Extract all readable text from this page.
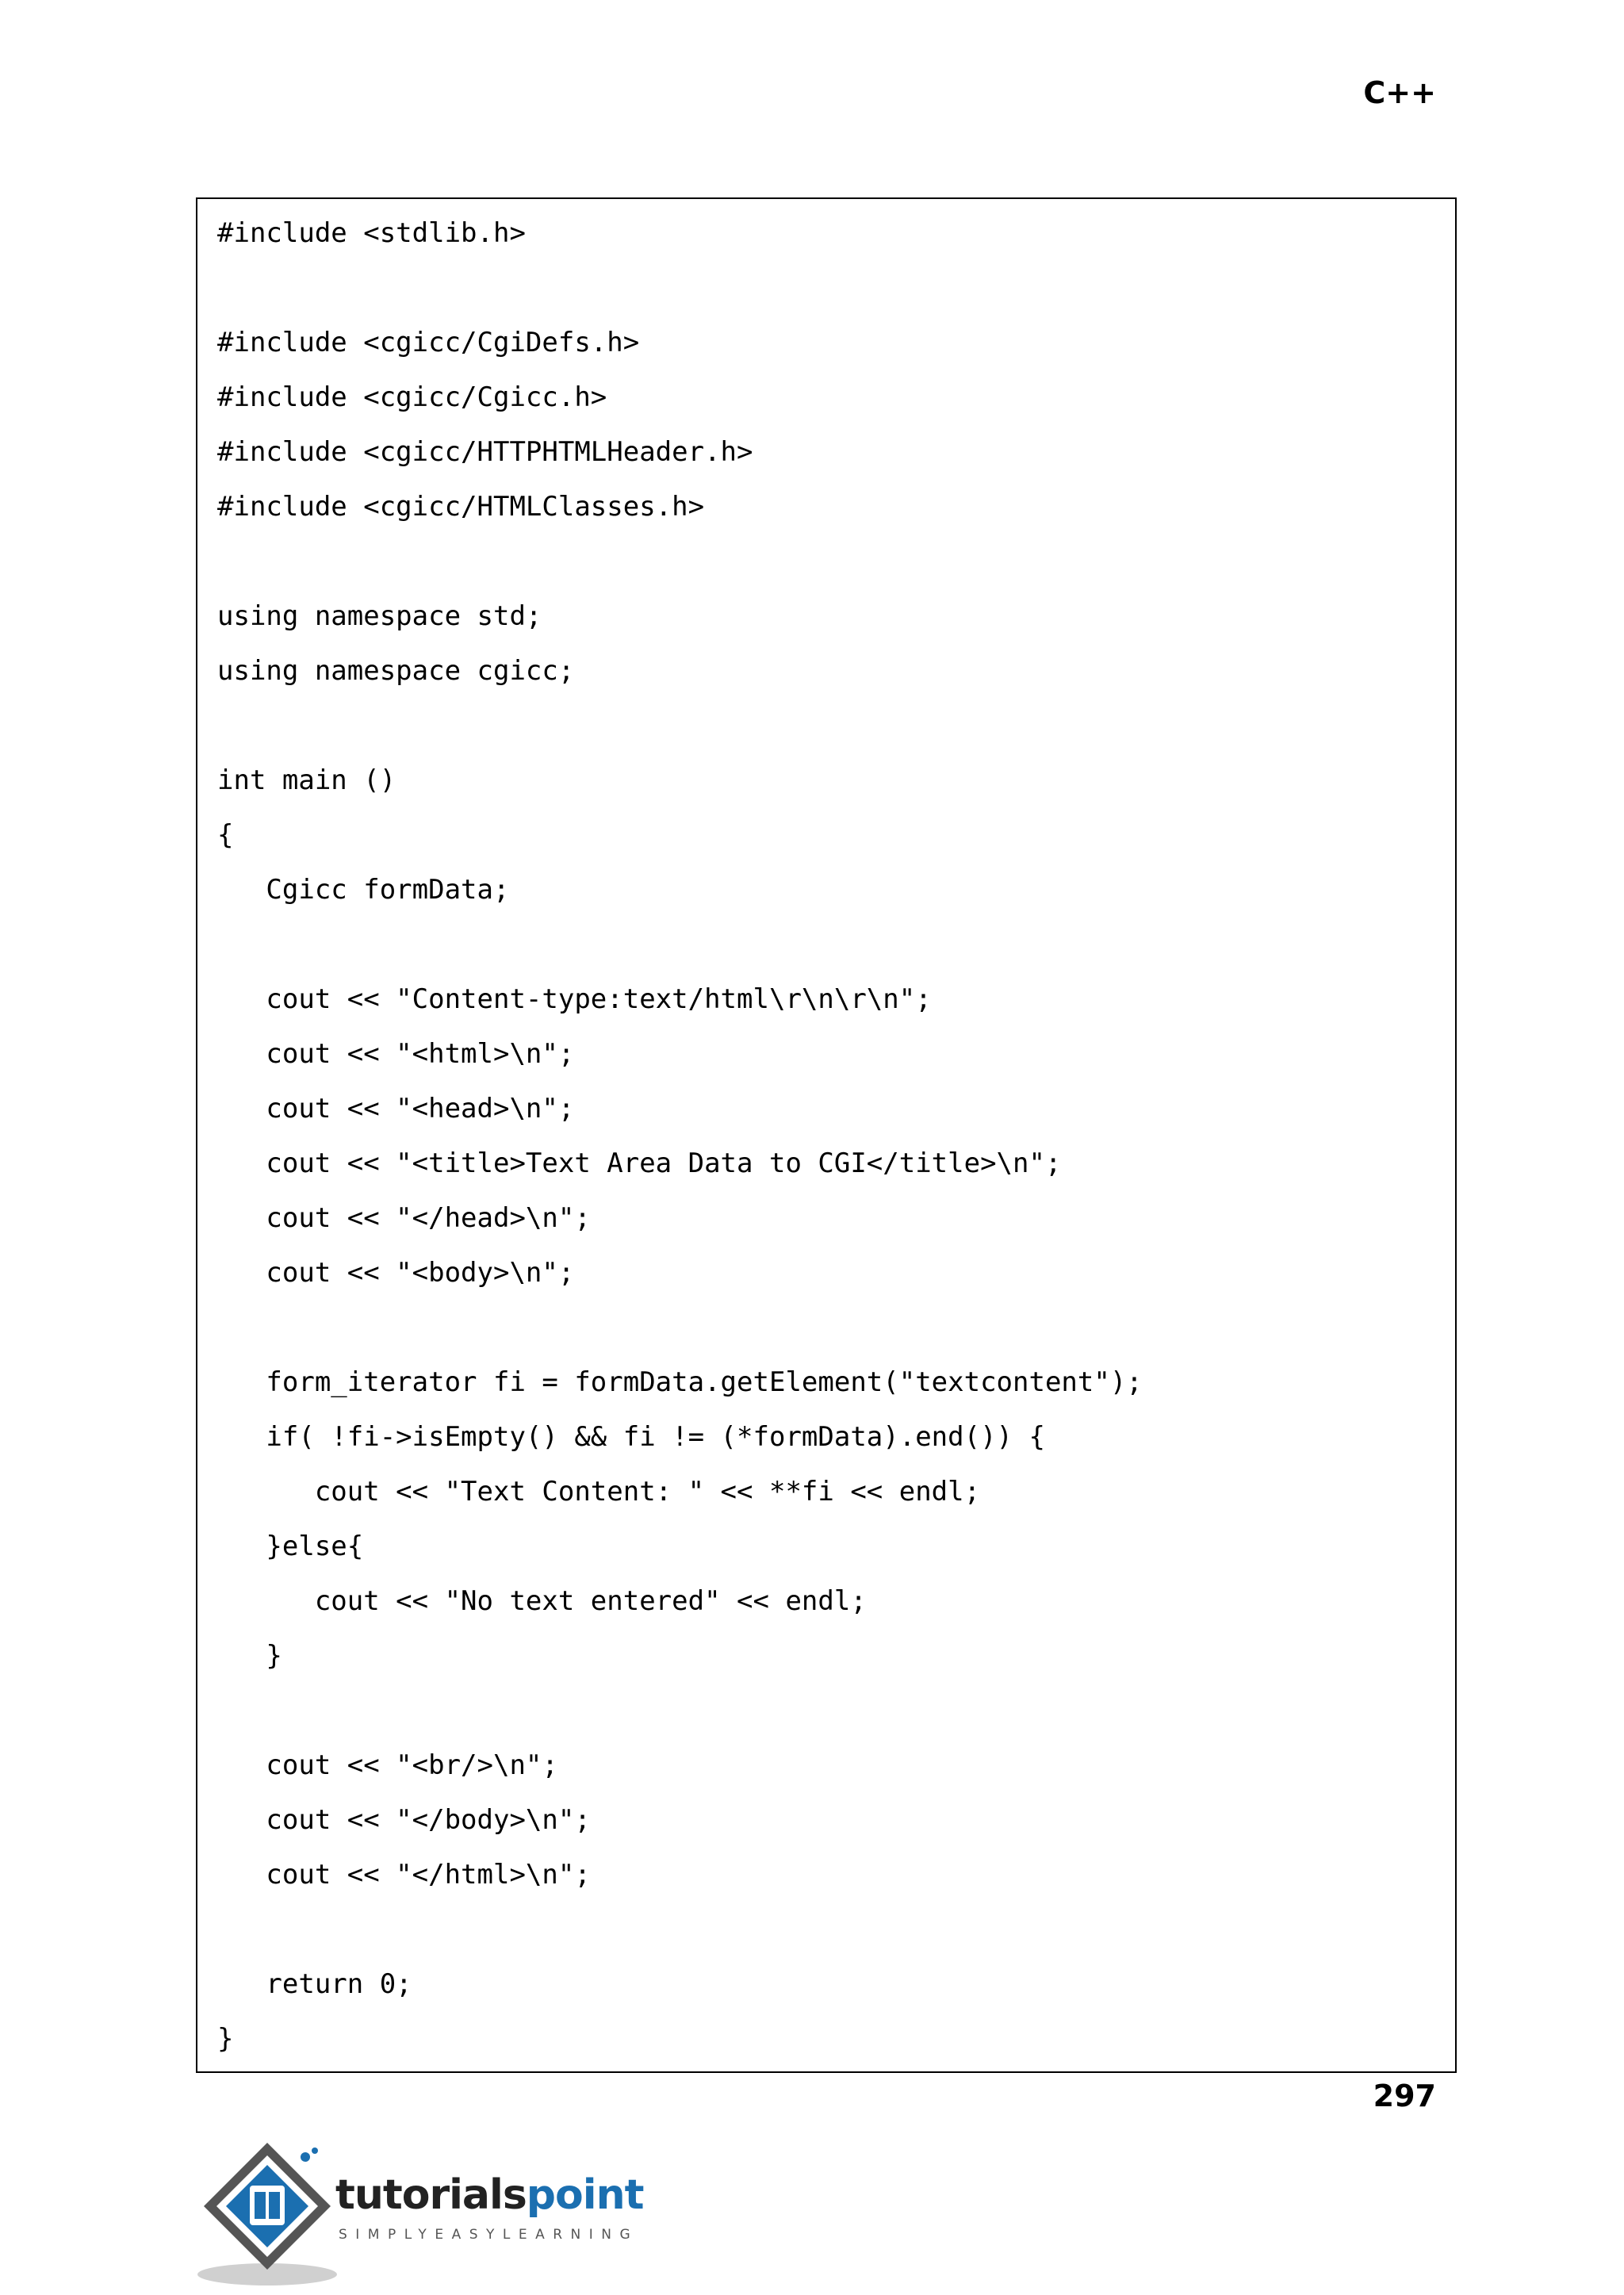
C++
#include <stdlib.h>
#include <cgicc/CgiDefs.h>
#include <cgicc/Cgicc.h>
#include <cgicc/HTTPHTMLHeader.h>
#include <cgicc/HTMLClasses.h>
using namespace std;
using namespace cgicc;
int main ()
{
Cgicc formData;
cout << "Content-type:text/html\r\n\r\n";
cout << "<html>\n";
cout << "<head>\n";
cout << "<title>Text Area Data to CGI</title>\n";
cout << "</head>\n";
cout << "<body>\n";
form_iterator fi = formData.getElement("textcontent");
if( !fi->isEmpty() && fi != (*formData).end()) {
cout << "Text Content: " << **fi << endl;
}else{
cout << "No text entered" << endl;
}
cout << "<br/>\n";
cout << "</body>\n";
cout << "</html>\n";
return 0;
}
297
tutorialspoint
SIMPLYEASYLEARNING
